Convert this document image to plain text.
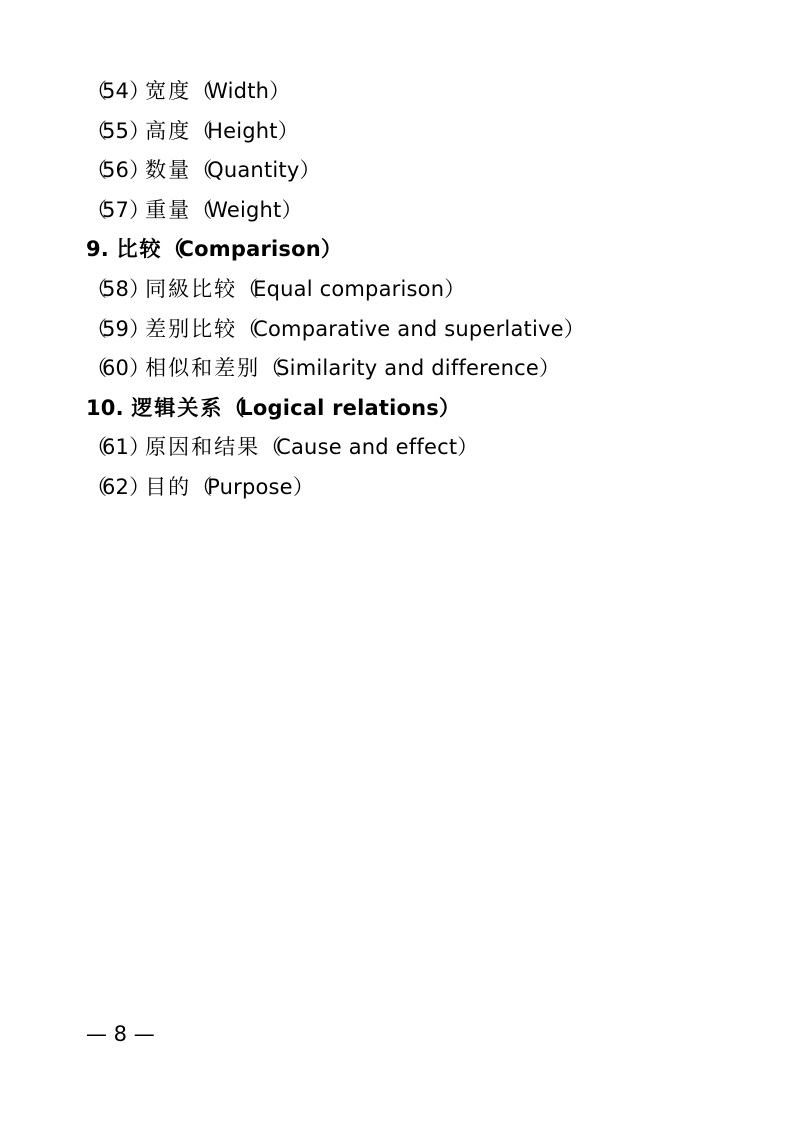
（54）宽度（Width）
（55）高度（Height）
（56）数量（Quantity）
（57）重量（Weight）
9. 比较（Comparison）
（58）同級比较（Equal comparison）
（59）差别比较（Comparative and superlative）
（60）相似和差别（Similarity and difference）
10. 逻辑关系（Logical relations）
（61）原因和结果（Cause and effect）
（62）目的（Purpose）
— 8 —
